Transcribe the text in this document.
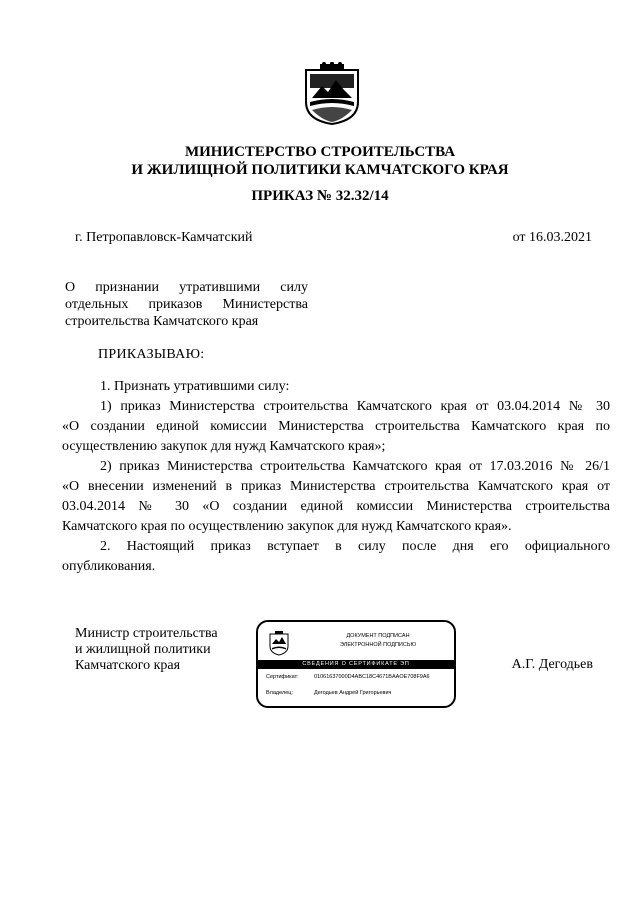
МИНИСТЕРСТВО СТРОИТЕЛЬСТВА
И ЖИЛИЩНОЙ ПОЛИТИКИ КАМЧАТСКОГО КРАЯ
ПРИКАЗ № 32.32/14
г. Петропавловск-Камчатский	от 16.03.2021
О признании утратившими силу
отдельных приказов Министерства
строительства Камчатского края
ПРИКАЗЫВАЮ:
1. Признать утратившими силу:
1) приказ Министерства строительства Камчатского края от 03.04.2014 № 30
«О создании единой комиссии Министерства строительства Камчатского края по
осуществлению закупок для нужд Камчатского края»;
2) приказ Министерства строительства Камчатского края от 17.03.2016 № 26/1
«О внесении изменений в приказ Министерства строительства Камчатского края от
03.04.2014 № 30 «О создании единой комиссии Министерства строительства
Камчатского края по осуществлению закупок для нужд Камчатского края».
2. Настоящий приказ вступает в силу после дня его официального
опубликования.
Министр строительства
и жилищной политики
Камчатского края
ДОКУМЕНТ ПОДПИСАН
ЭЛЕКТРОННОЙ ПОДПИСЬЮ
СВЕДЕНИЯ О СЕРТИФИКАТЕ ЭП
Сертификат:	01061637000D4ABC18C4671BAAOE708F9A6
Владелец:	Дегодьев Андрей Григорьевич
А.Г. Дегодьев
